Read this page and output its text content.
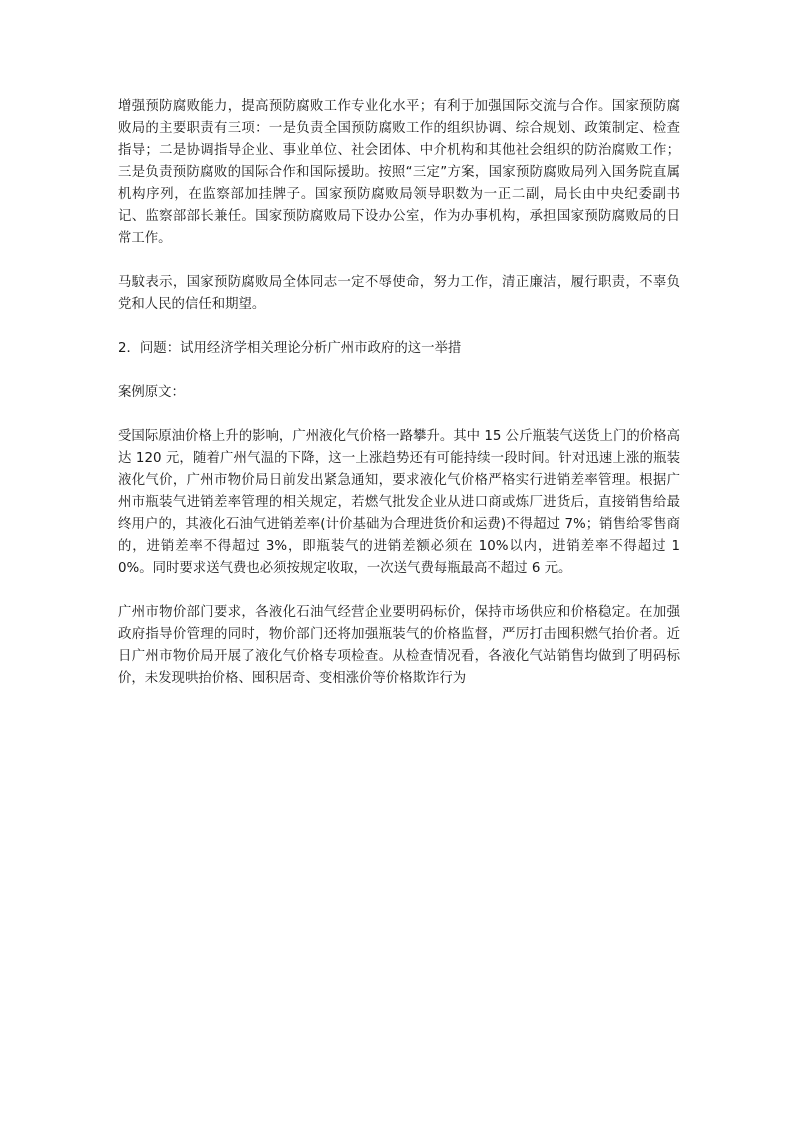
增强预防腐败能力，提高预防腐败工作专业化水平；有利于加强国际交流与合作。国家预防腐败局的主要职责有三项：一是负责全国预防腐败工作的组织协调、综合规划、政策制定、检查指导；二是协调指导企业、事业单位、社会团体、中介机构和其他社会组织的防治腐败工作；三是负责预防腐败的国际合作和国际援助。按照“三定”方案，国家预防腐败局列入国务院直属机构序列，在监察部加挂牌子。国家预防腐败局领导职数为一正二副，局长由中央纪委副书记、监察部部长兼任。国家预防腐败局下设办公室，作为办事机构，承担国家预防腐败局的日常工作。

马馼表示，国家预防腐败局全体同志一定不辱使命，努力工作，清正廉洁，履行职责，不辜负党和人民的信任和期望。

2．问题：试用经济学相关理论分析广州市政府的这一举措

案例原文：

受国际原油价格上升的影响，广州液化气价格一路攀升。其中 15 公斤瓶装气送货上门的价格高达 120 元，随着广州气温的下降，这一上涨趋势还有可能持续一段时间。针对迅速上涨的瓶装液化气价，广州市物价局日前发出紧急通知，要求液化气价格严格实行进销差率管理。根据广州市瓶装气进销差率管理的相关规定，若燃气批发企业从进口商或炼厂进货后，直接销售给最终用户的，其液化石油气进销差率(计价基础为合理进货价和运费)不得超过 7%；销售给零售商的，进销差率不得超过 3%，即瓶装气的进销差额必须在 10%以内，进销差率不得超过 10%。同时要求送气费也必须按规定收取，一次送气费每瓶最高不超过 6 元。

广州市物价部门要求，各液化石油气经营企业要明码标价，保持市场供应和价格稳定。在加强政府指导价管理的同时，物价部门还将加强瓶装气的价格监督，严厉打击囤积燃气抬价者。近日广州市物价局开展了液化气价格专项检查。从检查情况看，各液化气站销售均做到了明码标价，未发现哄抬价格、囤积居奇、变相涨价等价格欺诈行为
